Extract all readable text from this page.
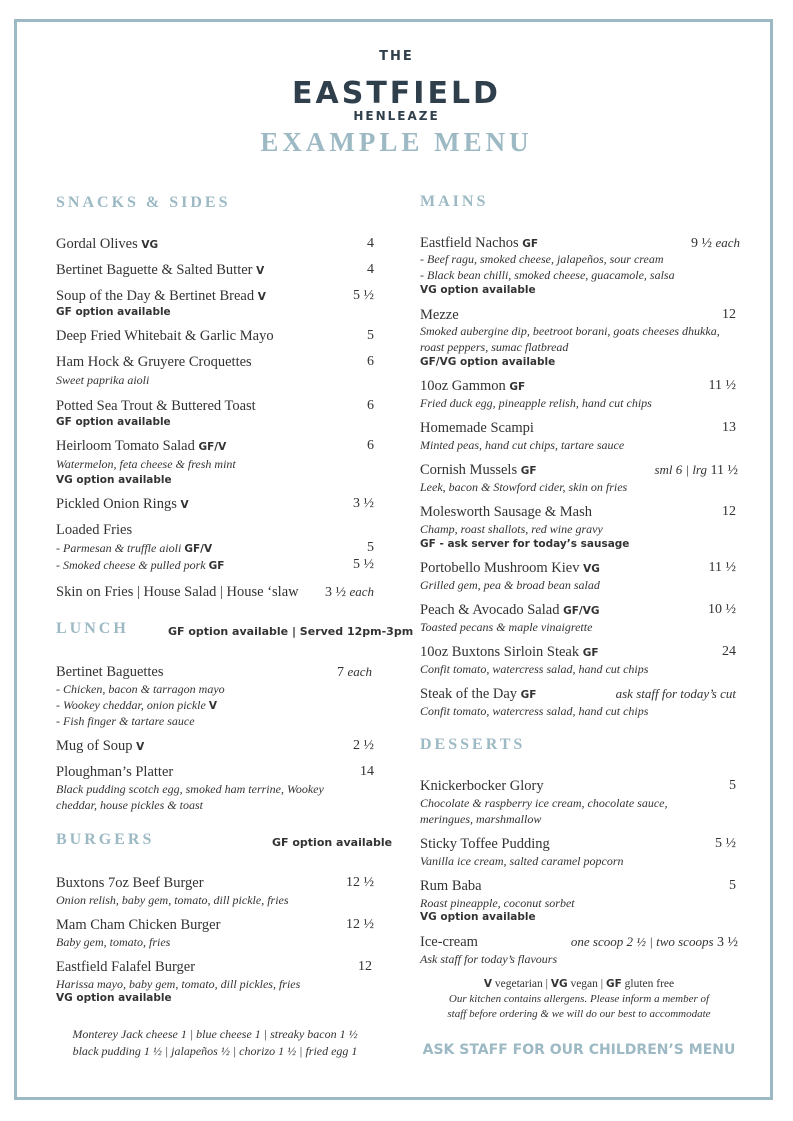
THE
EASTFIELD
HENLEAZE
EXAMPLE MENU
SNACKS & SIDES
Gordal Olives VG	4
Bertinet Baguette & Salted Butter V	4
Soup of the Day & Bertinet Bread V	5 ½
GF option available
Deep Fried Whitebait & Garlic Mayo	5
Ham Hock & Gruyere Croquettes	6
Sweet paprika aioli
Potted Sea Trout & Buttered Toast	6
GF option available
Heirloom Tomato Salad GF/V	6
Watermelon, feta cheese & fresh mint
VG option available
Pickled Onion Rings V	3 ½
Loaded Fries
- Parmesan & truffle aioli GF/V	5
- Smoked cheese & pulled pork GF	5 ½
Skin on Fries | House Salad | House ‘slaw 3 ½ each
LUNCH	GF option available | Served 12pm-3pm
Bertinet Baguettes	7 each
- Chicken, bacon & tarragon mayo
- Wookey cheddar, onion pickle V
- Fish finger & tartare sauce
Mug of Soup V	2 ½
Ploughman’s Platter	14
Black pudding scotch egg, smoked ham terrine, Wookey
cheddar, house pickles & toast
BURGERS	GF option available
Buxtons 7oz Beef Burger	12 ½
Onion relish, baby gem, tomato, dill pickle, fries
Mam Cham Chicken Burger	12 ½
Baby gem, tomato, fries
Eastfield Falafel Burger	12
Harissa mayo, baby gem, tomato, dill pickles, fries
VG option available
Monterey Jack cheese 1 | blue cheese 1 | streaky bacon 1 ½
black pudding 1 ½ | jalapeños ½ | chorizo 1 ½ | fried egg 1
MAINS
Eastfield Nachos GF	9 ½ each
- Beef ragu, smoked cheese, jalapeños, sour cream
- Black bean chilli, smoked cheese, guacamole, salsa
VG option available
Mezze	12
Smoked aubergine dip, beetroot borani, goats cheeses dhukka,
roast peppers, sumac flatbread
GF/VG option available
10oz Gammon GF	11 ½
Fried duck egg, pineapple relish, hand cut chips
Homemade Scampi	13
Minted peas, hand cut chips, tartare sauce
Cornish Mussels GF	sml 6 | lrg 11 ½
Leek, bacon & Stowford cider, skin on fries
Molesworth Sausage & Mash	12
Champ, roast shallots, red wine gravy
GF - ask server for today’s sausage
Portobello Mushroom Kiev VG	11 ½
Grilled gem, pea & broad bean salad
Peach & Avocado Salad GF/VG	10 ½
Toasted pecans & maple vinaigrette
10oz Buxtons Sirloin Steak GF	24
Confit tomato, watercress salad, hand cut chips
Steak of the Day GF	ask staff for today’s cut
Confit tomato, watercress salad, hand cut chips
DESSERTS
Knickerbocker Glory	5
Chocolate & raspberry ice cream, chocolate sauce,
meringues, marshmallow
Sticky Toffee Pudding	5 ½
Vanilla ice cream, salted caramel popcorn
Rum Baba	5
Roast pineapple, coconut sorbet
VG option available
Ice-cream	one scoop 2 ½ | two scoops 3 ½
Ask staff for today’s flavours
V vegetarian | VG vegan | GF gluten free
Our kitchen contains allergens. Please inform a member of
staff before ordering & we will do our best to accommodate
ASK STAFF FOR OUR CHILDREN’S MENU
